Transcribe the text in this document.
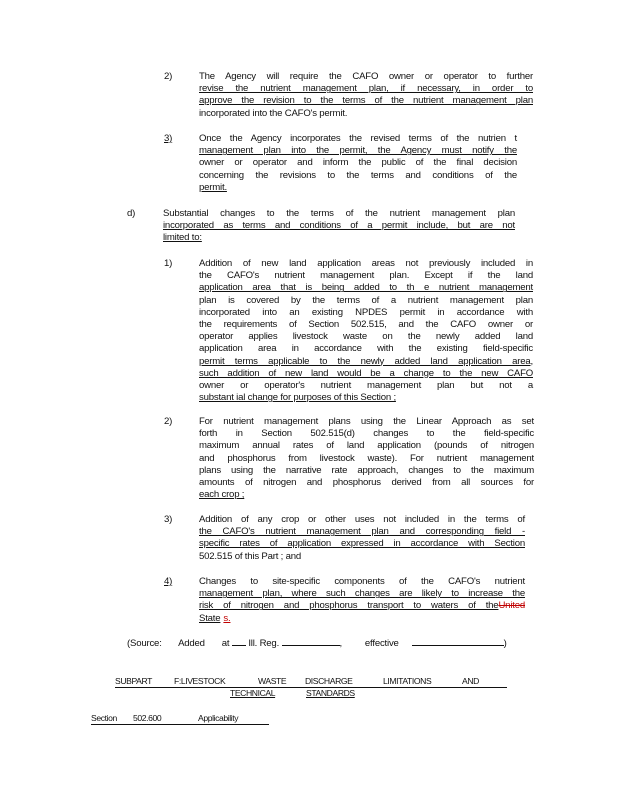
2)	The Agency will require the CAFO owner or operator to further
revise the nutrient management plan, if necessary, in order to
approve the revision to the terms of the nutrient management plan
incorporated into the CAFO's permit.
3)	Once the Agency incorporates the revised terms of the nutrien t
management plan into the permit, the Agency must notify the
owner or operator and inform the public of the final decision
concerning the revisions to the terms and conditions of the
permit.
d)	Substantial changes to the terms of the nutrient management plan
incorporated as terms and conditions of a permit include, but are not
limited to:
1)	Addition of new land application areas not previously included in
the CAFO's nutrient management plan. Except if the land
application area that is being added to th e nutrient management
plan is covered by the terms of a nutrient management plan
incorporated into an existing NPDES permit in accordance with
the requirements of Section 502.515, and the CAFO owner or
operator applies livestock waste on the newly added land
application area in accordance with the existing field-specific
permit terms applicable to the newly added land application area,
such addition of new land would be a change to the new CAFO
owner or operator's nutrient management plan but not a
substant ial change for purposes of this Section ;
2)	For nutrient management plans using the Linear Approach as set
forth in Section 502.515(d) changes to the field-specific
maximum annual rates of land application (pounds of nitrogen
and phosphorus from livestock waste). For nutrient management
plans using the narrative rate approach, changes to the maximum
amounts of nitrogen and phosphorus derived from all sources for
each crop ;
3)	Addition of any crop or other uses not included in the terms of
the CAFO's nutrient management plan and corresponding field -
specific rates of application expressed in accordance with Section
502.515 of this Part ; and
4)	Changes to site-specific components of the CAFO's nutrient
management plan, where such changes are likely to increase the
risk of nitrogen and phosphorus transport to waters of theUnited
State s.
(Source: Added at Ill. Reg.	,  effective	)
SUBPART	F:LIVESTOCK	WASTE DISCHARGE	LIMITATIONS	AND
TECHNICAL	STANDARDS
Section 502.600	Applicability
